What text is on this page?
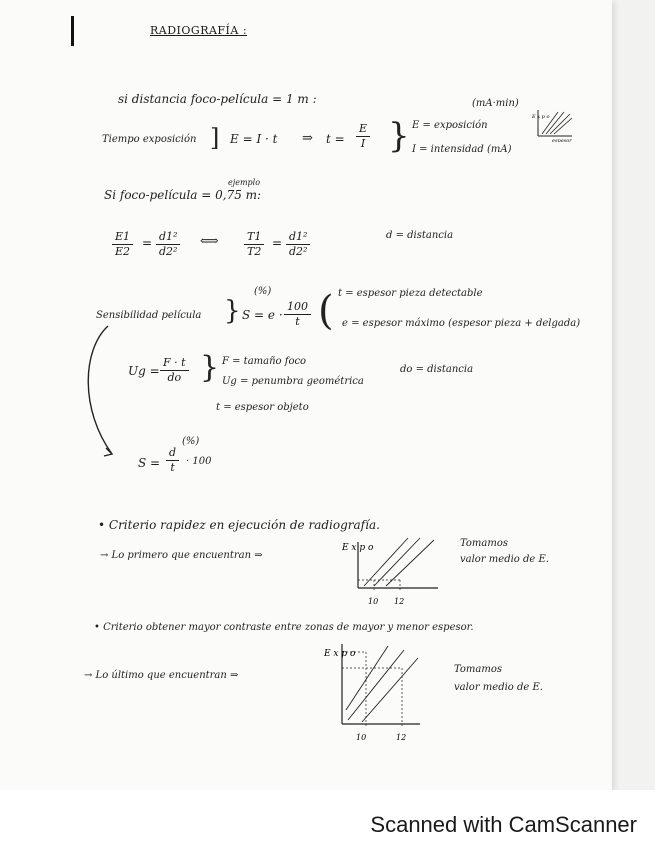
RADIOGRAFÍA :
si distancia foco-película = 1 m :	(mA·min)
Tiempo exposición ] E = I · t ⇒ $t = \frac{E}{I}$ } E = exposición
I = intensidad (mA)
E x p o
espesor
ejemplo
Si foco-película = 0,75 m:
$\frac{E1}{E2} = \frac{\text{d1²}}{\text{d2²}}$ ⟺ $\frac{T1}{T2} = \frac{\text{d1²}}{\text{d2²}}$	d = distancia
(%)
Sensibilidad película } $S = e \cdot \frac{100}{t}$ ( t = espesor pieza detectable
e = espesor máximo (espesor pieza + delgada)
$Ug = \frac{F \cdot t}{do}$ } F = tamaño foco
Ug = penumbra geométrica
t = espesor objeto
do = distancia
(%)
$S = \frac{d}{t} \cdot 100$
• Criterio rapidez en ejecución de radiografía.
→ Lo primero que encuentran ⇒
E x p o
10 12
Tomamos
valor medio de E.
• Criterio obtener mayor contraste entre zonas de mayor y menor espesor.
→ Lo último que encuentran ⇒
E x p o
10	12
Tomamos
valor medio de E.
Scanned with CamScanner
